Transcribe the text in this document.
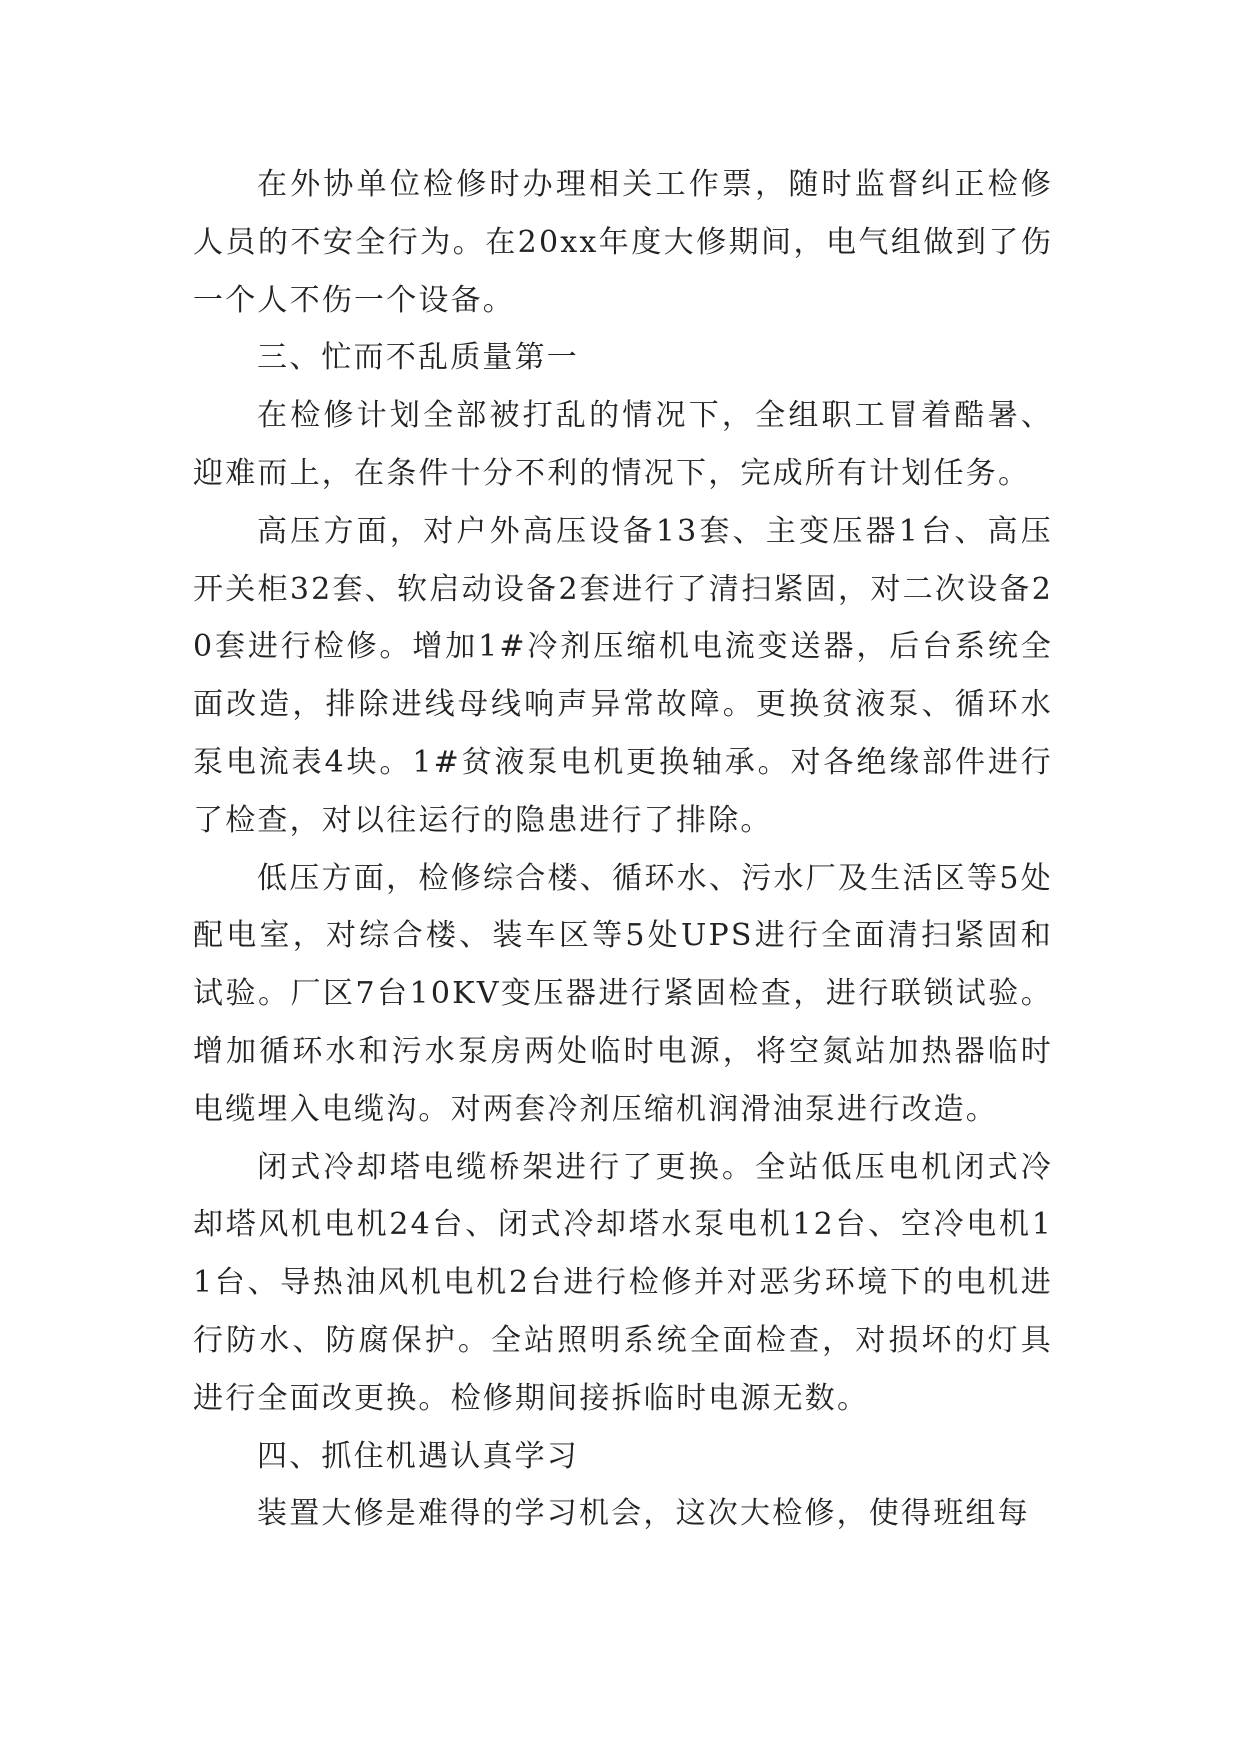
在外协单位检修时办理相关工作票，随时监督纠正检修人员的不安全行为。在20xx年度大修期间，电气组做到了伤一个人不伤一个设备。

三、忙而不乱质量第一

在检修计划全部被打乱的情况下，全组职工冒着酷暑、迎难而上，在条件十分不利的情况下，完成所有计划任务。

高压方面，对户外高压设备13套、主变压器1台、高压开关柜32套、软启动设备2套进行了清扫紧固，对二次设备20套进行检修。增加1#冷剂压缩机电流变送器，后台系统全面改造，排除进线母线响声异常故障。更换贫液泵、循环水泵电流表4块。1#贫液泵电机更换轴承。对各绝缘部件进行了检查，对以往运行的隐患进行了排除。

低压方面，检修综合楼、循环水、污水厂及生活区等5处配电室，对综合楼、装车区等5处UPS进行全面清扫紧固和试验。厂区7台10KV变压器进行紧固检查，进行联锁试验。增加循环水和污水泵房两处临时电源，将空氮站加热器临时电缆埋入电缆沟。对两套冷剂压缩机润滑油泵进行改造。

闭式冷却塔电缆桥架进行了更换。全站低压电机闭式冷却塔风机电机24台、闭式冷却塔水泵电机12台、空冷电机11台、导热油风机电机2台进行检修并对恶劣环境下的电机进行防水、防腐保护。全站照明系统全面检查，对损坏的灯具进行全面改更换。检修期间接拆临时电源无数。

四、抓住机遇认真学习

装置大修是难得的学习机会，这次大检修，使得班组每
